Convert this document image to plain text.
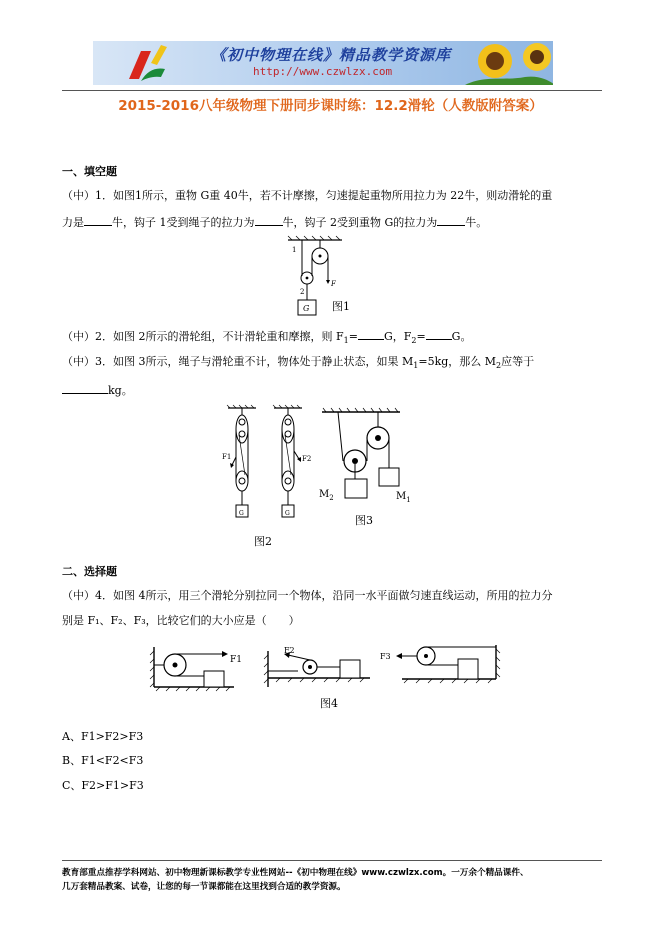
《初中物理在线》精品教学资源库
http://www.czwlzx.com
2015-2016八年级物理下册同步课时练：12.2滑轮（人教版附答案）
一、填空题
（中）1．如图1所示，重物 G重 40牛，若不计摩擦，匀速提起重物所用拉力为 22牛，则动滑轮的重
力是	牛，钩子 1受到绳子的拉力为	牛，钩子 2受到重物 G的拉力为	牛。
1
2
F
G 图1
（中）2．如图 2所示的滑轮组，不计滑轮重和摩擦，则 $F_1= G$，$F_2= G$。
（中）3．如图 3所示，绳子与滑轮重不计，物体处于静止状态，如果 $M_1=5kg$，那么 $M_2$应等于
kg。
F1
G
F2
G
图2
$M_2$	$M_1$
图3
二、选择题
（中）4．如图 4所示，用三个滑轮分别拉同一个物体，沿同一水平面做匀速直线运动，所用的拉力分
别是 F₁、F₂、F₃，比较它们的大小应是（　　）
F1
F2
F3
图4
A、F1>F2>F3
B、F1<F2<F3
C、F2>F1>F3
教育部重点推荐学科网站、初中物理新课标教学专业性网站--《初中物理在线》www.czwlzx.com。一万余个精品课件、
几万套精品教案、试卷，让您的每一节课都能在这里找到合适的教学资源。
